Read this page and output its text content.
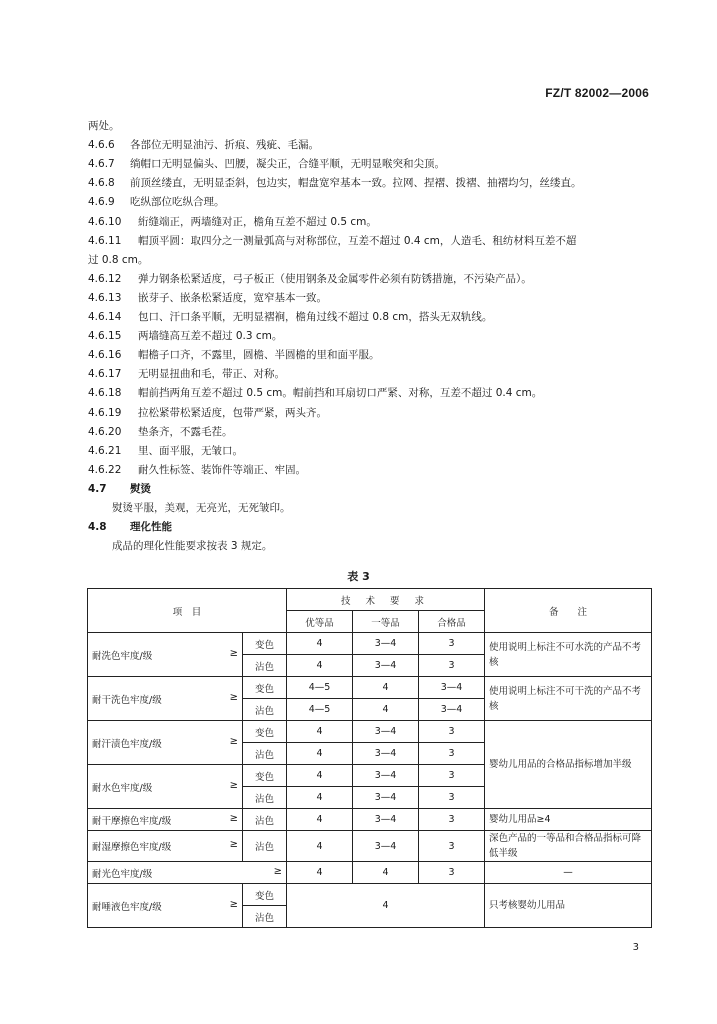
FZ/T 82002—2006
两处。
4.6.6 各部位无明显油污、折痕、残疵、毛漏。
4.6.7 绱帽口无明显偏头、凹腰，凝尖正，合缝平顺，无明显喉突和尖顶。
4.6.8 前顶丝缕直，无明显歪斜，包边实，帽盘宽窄基本一致。拉网、捏褶、拨褶、抽褶均匀，丝缕直。
4.6.9 吃纵部位吃纵合理。
4.6.10 絎缝端正，两墙缝对正，檐角互差不超过 0.5 cm。
4.6.11 帽顶平圆：取四分之一测量弧高与对称部位，互差不超过 0.4 cm，人造毛、租纺材料互差不超
过 0.8 cm。
4.6.12 弹力钢条松紧适度，弓子板正（使用钢条及金属零件必须有防锈措施，不污染产品）。
4.6.13 嵌芽子、嵌条松紧适度，宽窄基本一致。
4.6.14 包口、汗口条平顺，无明显褶裥，檐角过线不超过 0.8 cm，搭头无双轨线。
4.6.15 两墙缝高互差不超过 0.3 cm。
4.6.16 帽檐子口齐，不露里，圆檐、半圆檐的里和面平服。
4.6.17 无明显扭曲和毛，带正、对称。
4.6.18 帽前挡两角互差不超过 0.5 cm。帽前挡和耳扇切口严紧、对称，互差不超过 0.4 cm。
4.6.19 拉松紧带松紧适度，包带严紧，两头齐。
4.6.20 垫条齐，不露毛茬。
4.6.21 里、面平服，无皱口。
4.6.22 耐久性标签、装饰件等端正、牢固。
4.7 熨烫
熨烫平服，美观，无亮光，无死皱印。
4.8 理化性能
成品的理化性能要求按表 3 规定。
表 3
项　目		技 术 要 求			备　　注
		优等品	一等品	合格品	

≥
耐洗色牢度/级	变色	4	3—4	3	使用说明上标注不可水洗的产品不考核
	沾色	4	3—4	3	

≥
耐干洗色牢度/级	变色	4—5	4	3—4	使用说明上标注不可干洗的产品不考核
	沾色	4—5	4	3—4	

≥
耐汗渍色牢度/级	变色	4	3—4	3	婴幼儿用品的合格品指标增加半级
	沾色	4	3—4	3	

≥
耐水色牢度/级	变色	4	3—4	3	
	沾色	4	3—4	3	

≥
耐干摩擦色牢度/级	沾色	4	3—4	3	婴幼儿用品≥4

≥
耐湿摩擦色牢度/级	沾色	4	3—4	3	深色产品的一等品和合格品指标可降低半级

≥
耐光色牢度/级		4	4	3	—

≥
耐唾液色牢度/级	变色	4			只考核婴幼儿用品
	沾色				
3
